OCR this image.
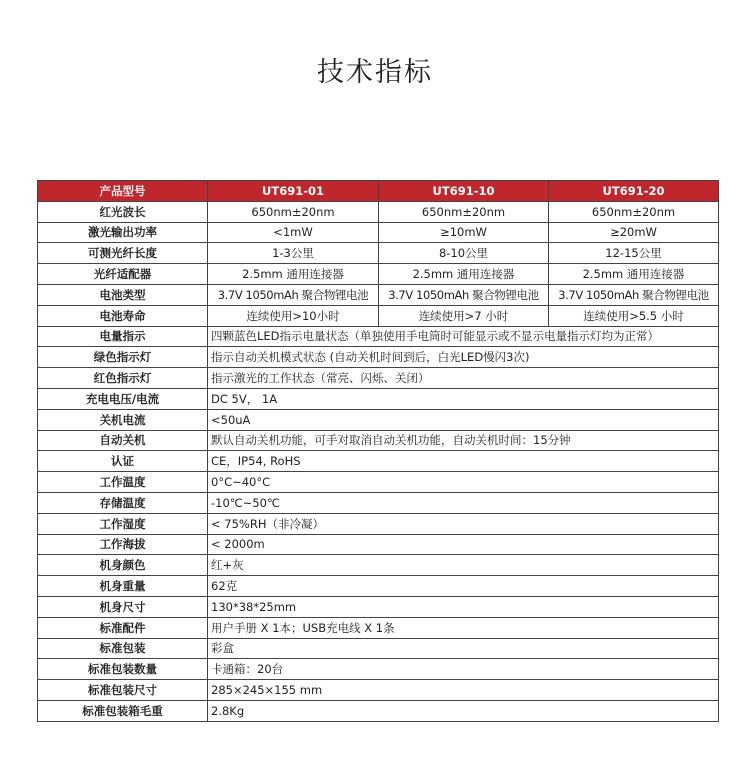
技术指标
产品型号	UT691-01	UT691-10	UT691-20
红光波长	650nm±20nm	650nm±20nm	650nm±20nm
激光输出功率	<1mW	≥10mW	≥20mW
可测光纤长度	1-3公里	8-10公里	12-15公里
光纤适配器	2.5mm 通用连接器	2.5mm 通用连接器	2.5mm 通用连接器
电池类型	3.7V 1050mAh 聚合物锂电池	3.7V 1050mAh 聚合物锂电池	3.7V 1050mAh 聚合物锂电池
电池寿命	连续使用>10小时	连续使用>7 小时	连续使用>5.5 小时
电量指示	四颗蓝色LED指示电量状态（单独使用手电筒时可能显示或不显示电量指示灯均为正常）		
绿色指示灯	指示自动关机模式状态 (自动关机时间到后，白光LED慢闪3次)		
红色指示灯	指示激光的工作状态（常亮、闪烁、关闭）		
充电电压/电流	DC 5V， 1A		
关机电流	<50uA		
自动关机	默认自动关机功能，可手对取消自动关机功能，自动关机时间：15分钟		
认证	CE，IP54, RoHS		
工作温度	0°C~40°C		
存储温度	-10℃~50℃		
工作湿度	< 75%RH（非冷凝）		
工作海拔	< 2000m		
机身颜色	红+灰		
机身重量	62克		
机身尺寸	130*38*25mm		
标准配件	用户手册 X 1本；USB充电线 X 1条		
标准包装	彩盒		
标准包装数量	卡通箱：20台		
标准包装尺寸	285×245×155 mm		
标准包装箱毛重	2.8Kg		
